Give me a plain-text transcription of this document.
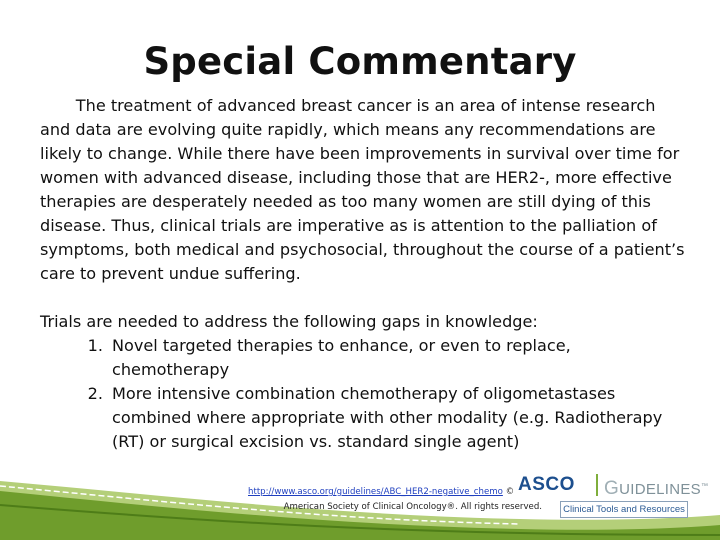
Special Commentary

The treatment of advanced breast cancer is an area of intense research and data are evolving quite rapidly, which means any recommendations are likely to change. While there have been improvements in survival over time for women with advanced disease, including those that are HER2-, more effective therapies are desperately needed as too many women are still dying of this disease. Thus, clinical trials are imperative as is attention to the palliation of symptoms, both medical and psychosocial, throughout the course of a patient’s care to prevent undue suffering.

Trials are needed to address the following gaps in knowledge:
1. Novel targeted therapies to enhance, or even to replace, chemotherapy
2. More intensive combination chemotherapy of oligometastases combined where appropriate with other modality (e.g. Radiotherapy (RT) or surgical excision vs. standard single agent)
http://www.asco.org/guidelines/ABC_HER2-negative_chemo ©
American Society of Clinical Oncology®. All rights reserved.
ASCO GUIDELINES™
Clinical Tools and Resources
